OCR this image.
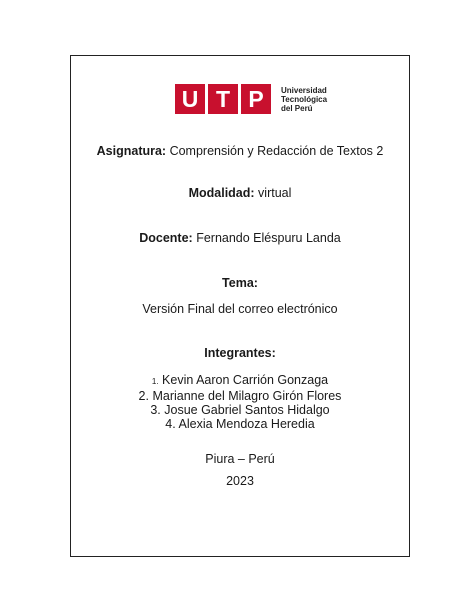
U T P	Universidad
Tecnológica
del Perú
Asignatura: Comprensión y Redacción de Textos 2
Modalidad: virtual
Docente: Fernando Eléspuru Landa
Tema:
Versión Final del correo electrónico
Integrantes:
1. Kevin Aaron Carrión Gonzaga
2. Marianne del Milagro Girón Flores
3. Josue Gabriel Santos Hidalgo
4. Alexia Mendoza Heredia
Piura – Perú
2023
